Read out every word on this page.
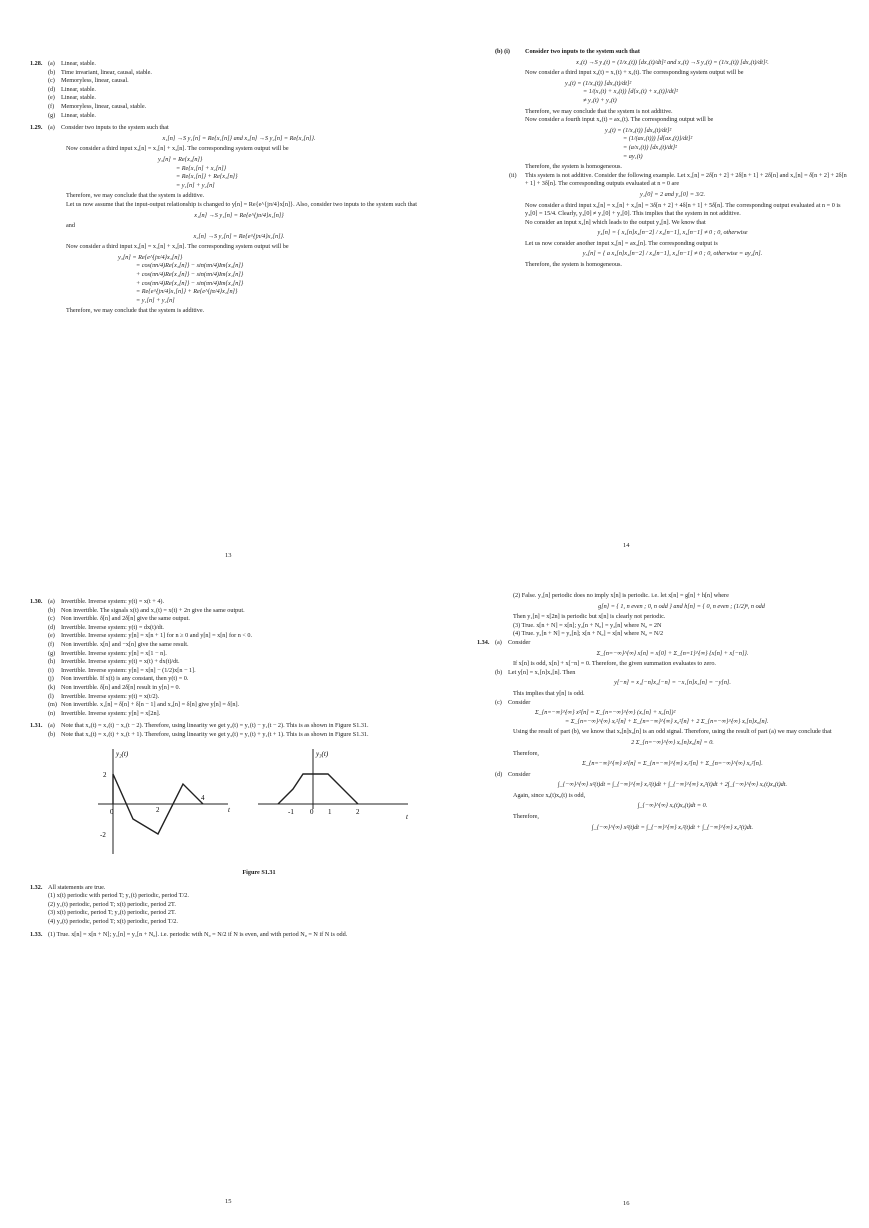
1.28. (a) Linear, stable.
(b) Time invariant, linear, causal, stable.
(c) Memoryless, linear, causal.
(d) Linear, stable.
(e) Linear, stable.
(f)	Memoryless, linear, causal, stable.
(g) Linear, stable.
1.29. (a) Consider two inputs to the system such that
x₁[n] →S y₁[n] = Re{x₁[n]} and x₂[n] →S y₂[n] = Re{x₂[n]}.
Now consider a third input x₃[n] = x₁[n] + x₂[n]. The corresponding system output will be
y₃[n] = Re{x₃[n]}
= Re{x₁[n] + x₂[n]}
= Re{x₁[n]} + Re{x₂[n]}
= y₁[n] + y₂[n]
Therefore, we may conclude that the system is additive.
Let us now assume that the input-output relationship is changed to y[n] = Re{e^{jπ/4}x[n]}. Also, consider two inputs to the system such that
x₁[n] →S y₁[n] = Re{e^{jπ/4}x₁[n]}
and
x₂[n] →S y₂[n] = Re{e^{jπ/4}x₂[n]}.
Now consider a third input x₃[n] = x₁[n] + x₂[n]. The corresponding system output will be
y₃[n] = Re{e^{jπ/4}x₃[n]}
= cos(πn/4)Re{x₃[n]} − sin(πn/4)Im{x₃[n]}
+ cos(πn/4)Re{x₁[n]} − sin(πn/4)Im{x₁[n]}
+ cos(πn/4)Re{x₂[n]} − sin(πn/4)Im{x₂[n]}
= Re{e^{jπ/4}x₁[n]} + Re{e^{jπ/4}x₂[n]}
= y₁[n] + y₂[n]
Therefore, we may conclude that the system is additive.
13
(b) (i)	Consider two inputs to the system such that
x₁(t) →S y₁(t) = (1/x₁(t)) [dx₁(t)/dt]² and x₂(t) →S y₂(t) = (1/x₂(t)) [dx₂(t)/dt]².
Now consider a third input x₃(t) = x₁(t) + x₂(t). The corresponding system output will be
y₃(t) = (1/x₃(t)) [dx₃(t)/dt]²
= 1/(x₁(t) + x₂(t)) [d{x₁(t) + x₂(t)}/dt]²
≠ y₁(t) + y₂(t)
Therefore, we may conclude that the system is not additive.
Now consider a fourth input x₄(t) = ax₁(t). The corresponding output will be
y₄(t) = (1/x₄(t)) [dx₄(t)/dt]²
= (1/(ax₁(t))) [d{ax₁(t)}/dt]²
= (a/x₁(t)) [dx₁(t)/dt]²
= ay₁(t)
Therefore, the system is homogeneous.
(ii)	This system is not additive. Consider the following example. Let x₁[n] = 2δ[n + 2] + 2δ[n + 1] + 2δ[n] and x₂[n] = δ[n + 2] + 2δ[n + 1] + 3δ[n]. The corresponding outputs evaluated at n = 0 are
y₁[0] = 2 and y₂[0] = 3/2.
Now consider a third input x₃[n] = x₁[n] + x₂[n] = 3δ[n + 2] + 4δ[n + 1] + 5δ[n]. The corresponding output evaluated at n = 0 is y₃[0] = 15/4. Clearly, y₃[0] ≠ y₁[0] + y₂[0]. This implies that the system in not additive.
No consider an input x₄[n] which leads to the output y₄[n]. We know that
y₄[n] = { x₄[n]x₄[n−2] / x₄[n−1], x₄[n−1] ≠ 0 ; 0, otherwise
Let us now consider another input x₅[n] = ax₄[n]. The corresponding output is
y₅[n] = { a x₄[n]x₄[n−2] / x₄[n−1], x₄[n−1] ≠ 0 ; 0, otherwise = ay₄[n].
Therefore, the system is homogeneous.
14
1.30. (a) Invertible. Inverse system: y(t) = x(t + 4).
(b) Non invertible. The signals x(t) and x₁(t) = x(t) + 2π give the same output.
(c) Non invertible. δ[n] and 2δ[n] give the same output.
(d) Invertible. Inverse system: y(t) = dx(t)/dt.
(e) Invertible. Inverse system: y[n] = x[n + 1] for n ≥ 0 and y[n] = x[n] for n < 0.
(f)	Non invertible. x[n] and −x[n] give the same result.
(g) Invertible. Inverse system: y[n] = x[1 − n].
(h) Invertible. Inverse system: y(t) = x(t) + dx(t)/dt.
(i)	Invertible. Inverse system: y[n] = x[n] − (1/2)x[n − 1].
(j)	Non invertible. If x(t) is any constant, then y(t) = 0.
(k) Non invertible. δ[n] and 2δ[n] result in y[n] = 0.
(l)	Invertible. Inverse system: y(t) = x(t/2).
(m) Non invertible. x₁[n] = δ[n] + δ[n − 1] and x₂[n] = δ[n] give y[n] = δ[n].
(n) Invertible. Inverse system: y[n] = x[2n].
1.31. (a) Note that x₂(t) = x₁(t) − x₁(t − 2). Therefore, using linearity we get y₂(t) = y₁(t) − y₁(t − 2). This is as shown in Figure S1.31.
(b) Note that x₃(t) = x₁(t) + x₁(t + 1). Therefore, using linearity we get y₃(t) = y₁(t) + y₁(t + 1). This is as shown in Figure S1.31.
y₂(t)
t
2
-2
0	2
4
y₃(t)
t
-1 0 1	2
Figure S1.31
1.32. All statements are true.
(1) x(t) periodic with period T; y₁(t) periodic, period T/2.
(2) y₁(t) periodic, period T; x(t) periodic, period 2T.
(3) x(t) periodic, period T; y₂(t) periodic, period 2T.
(4) y₂(t) periodic, period T; x(t) periodic, period T/2.
1.33. (1) True. x[n] = x[n + N]; y₁[n] = y₁[n + N₀]. i.e. periodic with N₀ = N/2 if N is even, and with period N₀ = N if N is odd.
15
(2) False. y₁[n] periodic does no imply x[n] is periodic. i.e. let x[n] = g[n] + h[n] where
g[n] = { 1, n even ; 0, n odd } and h[n] = { 0, n even ; (1/2)ⁿ, n odd
Then y₁[n] = x[2n] is periodic but x[n] is clearly not periodic.
(3) True. x[n + N] = x[n]; y₂[n + N₀] = y₂[n] where N₀ = 2N
(4) True. y₂[n + N] = y₂[n]; x[n + N₀] = x[n] where N₀ = N/2
1.34. (a) Consider
Σ_{n=−∞}^{∞} x[n] = x[0] + Σ_{n=1}^{∞} {x[n] + x[−n]}.
If x[n] is odd, x[n] + x[−n] = 0. Therefore, the given summation evaluates to zero.
(b) Let y[n] = x₁[n]x₂[n]. Then
y[−n] = x₁[−n]x₂[−n] = −x₁[n]x₂[n] = −y[n].
This implies that y[n] is odd.
(c) Consider
Σ_{n=−∞}^{∞} x²[n] = Σ_{n=−∞}^{∞} (xₑ[n] + x₀[n])²
= Σ_{n=−∞}^{∞} xₑ²[n] + Σ_{n=−∞}^{∞} x₀²[n] + 2 Σ_{n=−∞}^{∞} xₑ[n]x₀[n].
Using the result of part (b), we know that xₑ[n]x₀[n] is an odd signal. Therefore, using the result of part (a) we may conclude that
2 Σ_{n=−∞}^{∞} xₑ[n]x₀[n] = 0.
Therefore,
Σ_{n=−∞}^{∞} x²[n] = Σ_{n=−∞}^{∞} xₑ²[n] + Σ_{n=−∞}^{∞} x₀²[n].
(d) Consider
∫_{−∞}^{∞} x²(t)dt = ∫_{−∞}^{∞} xₑ²(t)dt + ∫_{−∞}^{∞} x₀²(t)dt + 2∫_{−∞}^{∞} xₑ(t)x₀(t)dt.
Again, since xₑ(t)x₀(t) is odd,
∫_{−∞}^{∞} xₑ(t)x₀(t)dt = 0.
Therefore,
∫_{−∞}^{∞} x²(t)dt = ∫_{−∞}^{∞} xₑ²(t)dt + ∫_{−∞}^{∞} x₀²(t)dt.
16
